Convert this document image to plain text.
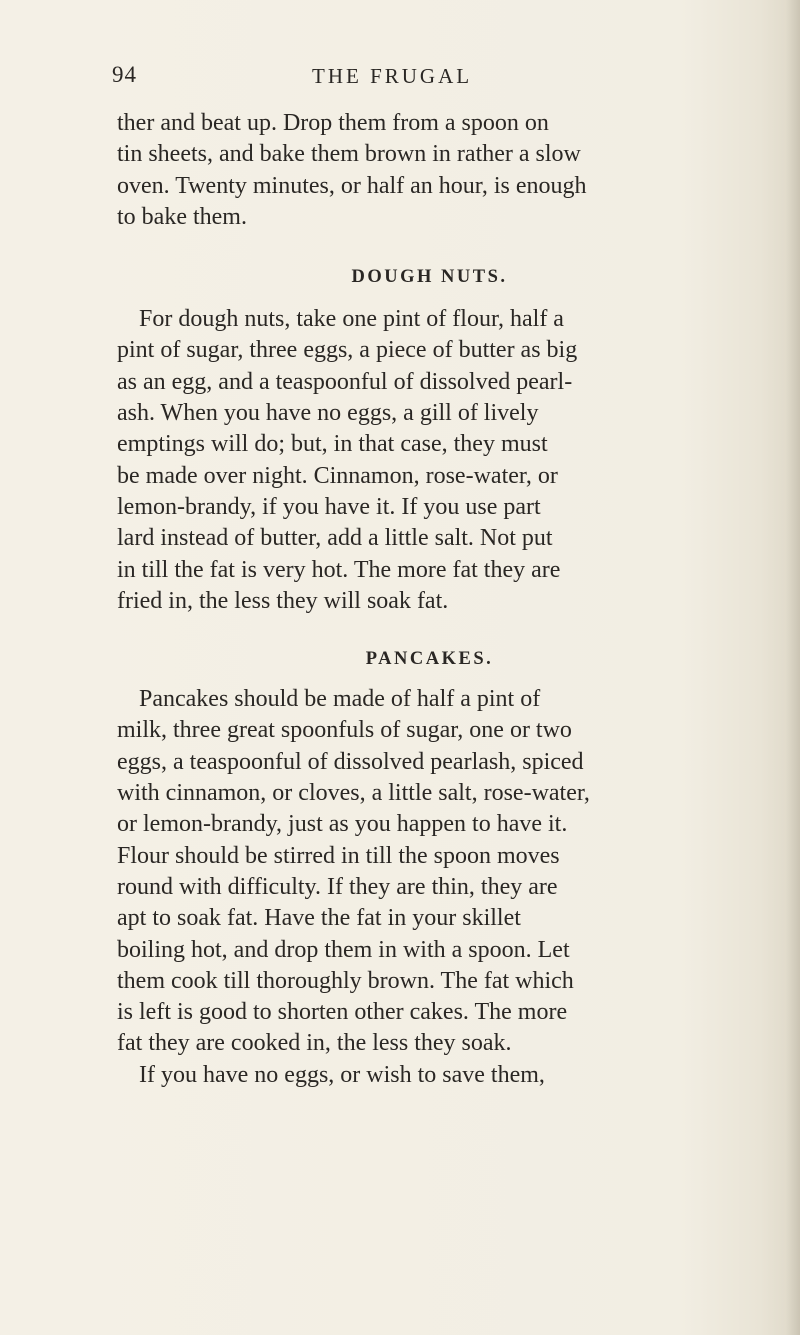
94	THE FRUGAL

ther and beat up. Drop them from a spoon on
tin sheets, and bake them brown in rather a slow
oven. Twenty minutes, or half an hour, is enough
to bake them.

DOUGH NUTS.

For dough nuts, take one pint of flour, half a
pint of sugar, three eggs, a piece of butter as big
as an egg, and a teaspoonful of dissolved pearl-
ash. When you have no eggs, a gill of lively
emptings will do; but, in that case, they must
be made over night. Cinnamon, rose-water, or
lemon-brandy, if you have it. If you use part
lard instead of butter, add a little salt. Not put
in till the fat is very hot. The more fat they are
fried in, the less they will soak fat.

PANCAKES.

Pancakes should be made of half a pint of
milk, three great spoonfuls of sugar, one or two
eggs, a teaspoonful of dissolved pearlash, spiced
with cinnamon, or cloves, a little salt, rose-water,
or lemon-brandy, just as you happen to have it.
Flour should be stirred in till the spoon moves
round with difficulty. If they are thin, they are
apt to soak fat. Have the fat in your skillet
boiling hot, and drop them in with a spoon. Let
them cook till thoroughly brown. The fat which
is left is good to shorten other cakes. The more
fat they are cooked in, the less they soak.
If you have no eggs, or wish to save them,
